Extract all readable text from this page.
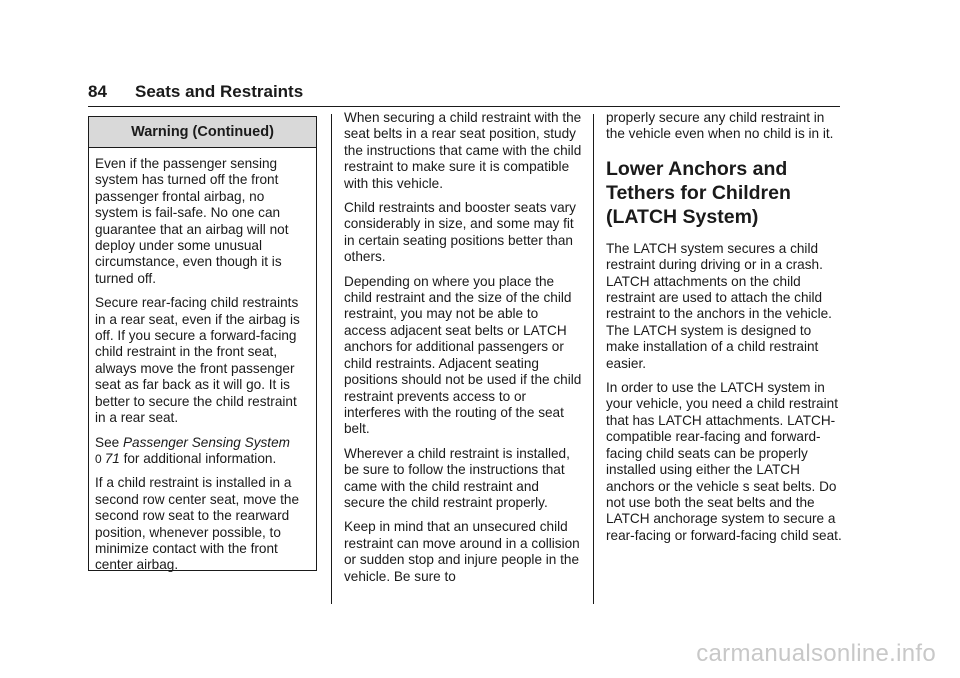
84 Seats and Restraints
Warning (Continued)

Even if the passenger sensing system has turned off the front passenger frontal airbag, no system is fail-safe. No one can guarantee that an airbag will not deploy under some unusual circumstance, even though it is turned off.

Secure rear-facing child restraints in a rear seat, even if the airbag is off. If you secure a forward-facing child restraint in the front seat, always move the front passenger seat as far back as it will go. It is better to secure the child restraint in a rear seat.

See Passenger Sensing System
0 71 for additional information.

If a child restraint is installed in a second row center seat, move the second row seat to the rearward position, whenever possible, to minimize contact with the front center airbag.

When securing a child restraint with the seat belts in a rear seat position, study the instructions that came with the child restraint to make sure it is compatible with this vehicle.

Child restraints and booster seats vary considerably in size, and some may fit in certain seating positions better than others.

Depending on where you place the child restraint and the size of the child restraint, you may not be able to access adjacent seat belts or LATCH anchors for additional passengers or child restraints. Adjacent seating positions should not be used if the child restraint prevents access to or interferes with the routing of the seat belt.

Wherever a child restraint is installed, be sure to follow the instructions that came with the child restraint and secure the child restraint properly.

Keep in mind that an unsecured child restraint can move around in a collision or sudden stop and injure people in the vehicle. Be sure to

properly secure any child restraint in the vehicle even when no child is in it.

Lower Anchors and Tethers for Children (LATCH System)

The LATCH system secures a child restraint during driving or in a crash. LATCH attachments on the child restraint are used to attach the child restraint to the anchors in the vehicle. The LATCH system is designed to make installation of a child restraint easier.

In order to use the LATCH system in your vehicle, you need a child restraint that has LATCH attachments. LATCH-compatible rear-facing and forward-facing child seats can be properly installed using either the LATCH anchors or the vehicle s seat belts. Do not use both the seat belts and the LATCH anchorage system to secure a rear-facing or forward-facing child seat.

carmanualsonline.info
